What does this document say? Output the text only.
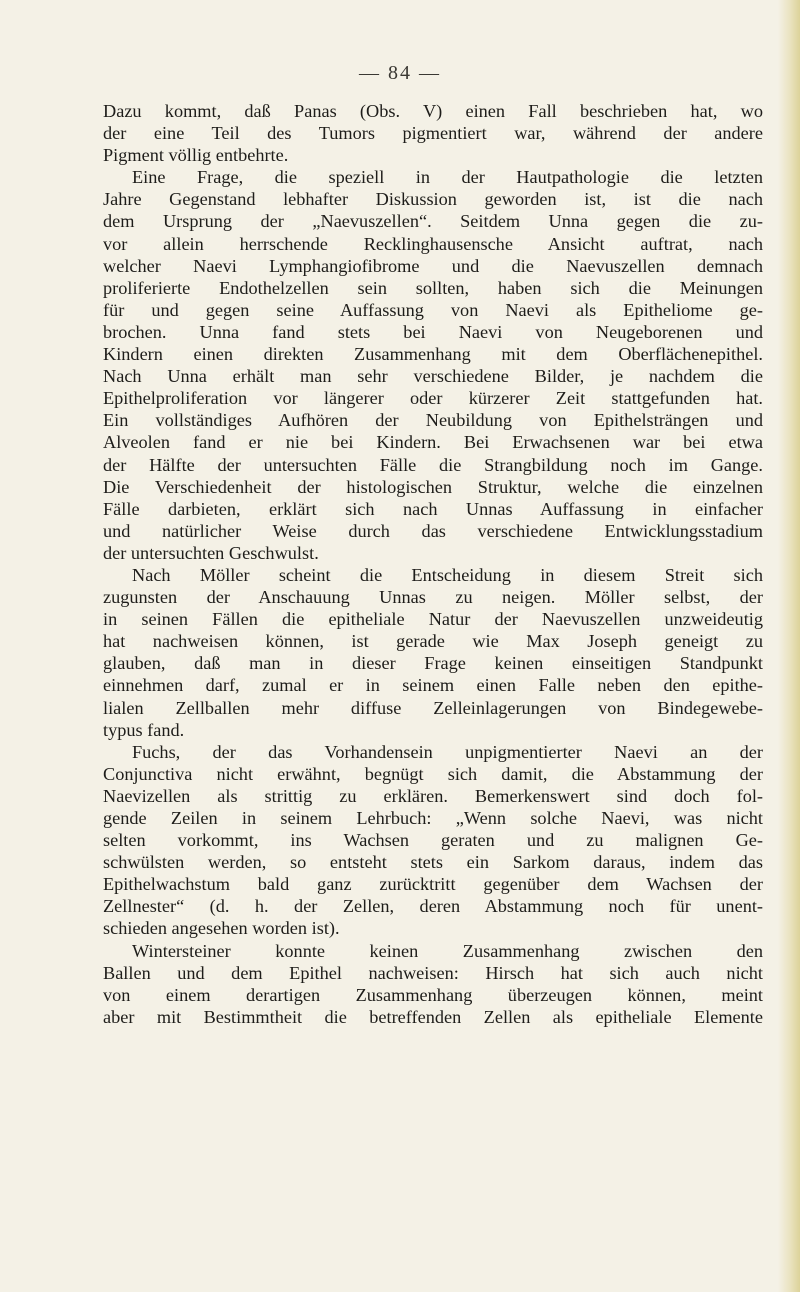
— 84 —
Dazu kommt, daß Panas (Obs. V) einen Fall beschrieben hat, wo
der eine Teil des Tumors pigmentiert war, während der andere
Pigment völlig entbehrte.
Eine Frage, die speziell in der Hautpathologie die letzten
Jahre Gegenstand lebhafter Diskussion geworden ist, ist die nach
dem Ursprung der „Naevuszellen“. Seitdem Unna gegen die zu-
vor allein herrschende Recklinghausensche Ansicht auftrat, nach
welcher Naevi Lymphangiofibrome und die Naevuszellen demnach
proliferierte Endothelzellen sein sollten, haben sich die Meinungen
für und gegen seine Auffassung von Naevi als Epitheliome ge-
brochen. Unna fand stets bei Naevi von Neugeborenen und
Kindern einen direkten Zusammenhang mit dem Oberflächenepithel.
Nach Unna erhält man sehr verschiedene Bilder, je nachdem die
Epithelproliferation vor längerer oder kürzerer Zeit stattgefunden hat.
Ein vollständiges Aufhören der Neubildung von Epithelsträngen und
Alveolen fand er nie bei Kindern. Bei Erwachsenen war bei etwa
der Hälfte der untersuchten Fälle die Strangbildung noch im Gange.
Die Verschiedenheit der histologischen Struktur, welche die einzelnen
Fälle darbieten, erklärt sich nach Unnas Auffassung in einfacher
und natürlicher Weise durch das verschiedene Entwicklungsstadium
der untersuchten Geschwulst.
Nach Möller scheint die Entscheidung in diesem Streit sich
zugunsten der Anschauung Unnas zu neigen. Möller selbst, der
in seinen Fällen die epitheliale Natur der Naevuszellen unzweideutig
hat nachweisen können, ist gerade wie Max Joseph geneigt zu
glauben, daß man in dieser Frage keinen einseitigen Standpunkt
einnehmen darf, zumal er in seinem einen Falle neben den epithe-
lialen Zellballen mehr diffuse Zelleinlagerungen von Bindegewebe-
typus fand.
Fuchs, der das Vorhandensein unpigmentierter Naevi an der
Conjunctiva nicht erwähnt, begnügt sich damit, die Abstammung der
Naevizellen als strittig zu erklären. Bemerkenswert sind doch fol-
gende Zeilen in seinem Lehrbuch: „Wenn solche Naevi, was nicht
selten vorkommt, ins Wachsen geraten und zu malignen Ge-
schwülsten werden, so entsteht stets ein Sarkom daraus, indem das
Epithelwachstum bald ganz zurücktritt gegenüber dem Wachsen der
Zellnester“ (d. h. der Zellen, deren Abstammung noch für unent-
schieden angesehen worden ist).
Wintersteiner konnte keinen Zusammenhang zwischen den
Ballen und dem Epithel nachweisen: Hirsch hat sich auch nicht
von einem derartigen Zusammenhang überzeugen können, meint
aber mit Bestimmtheit die betreffenden Zellen als epitheliale Elemente
